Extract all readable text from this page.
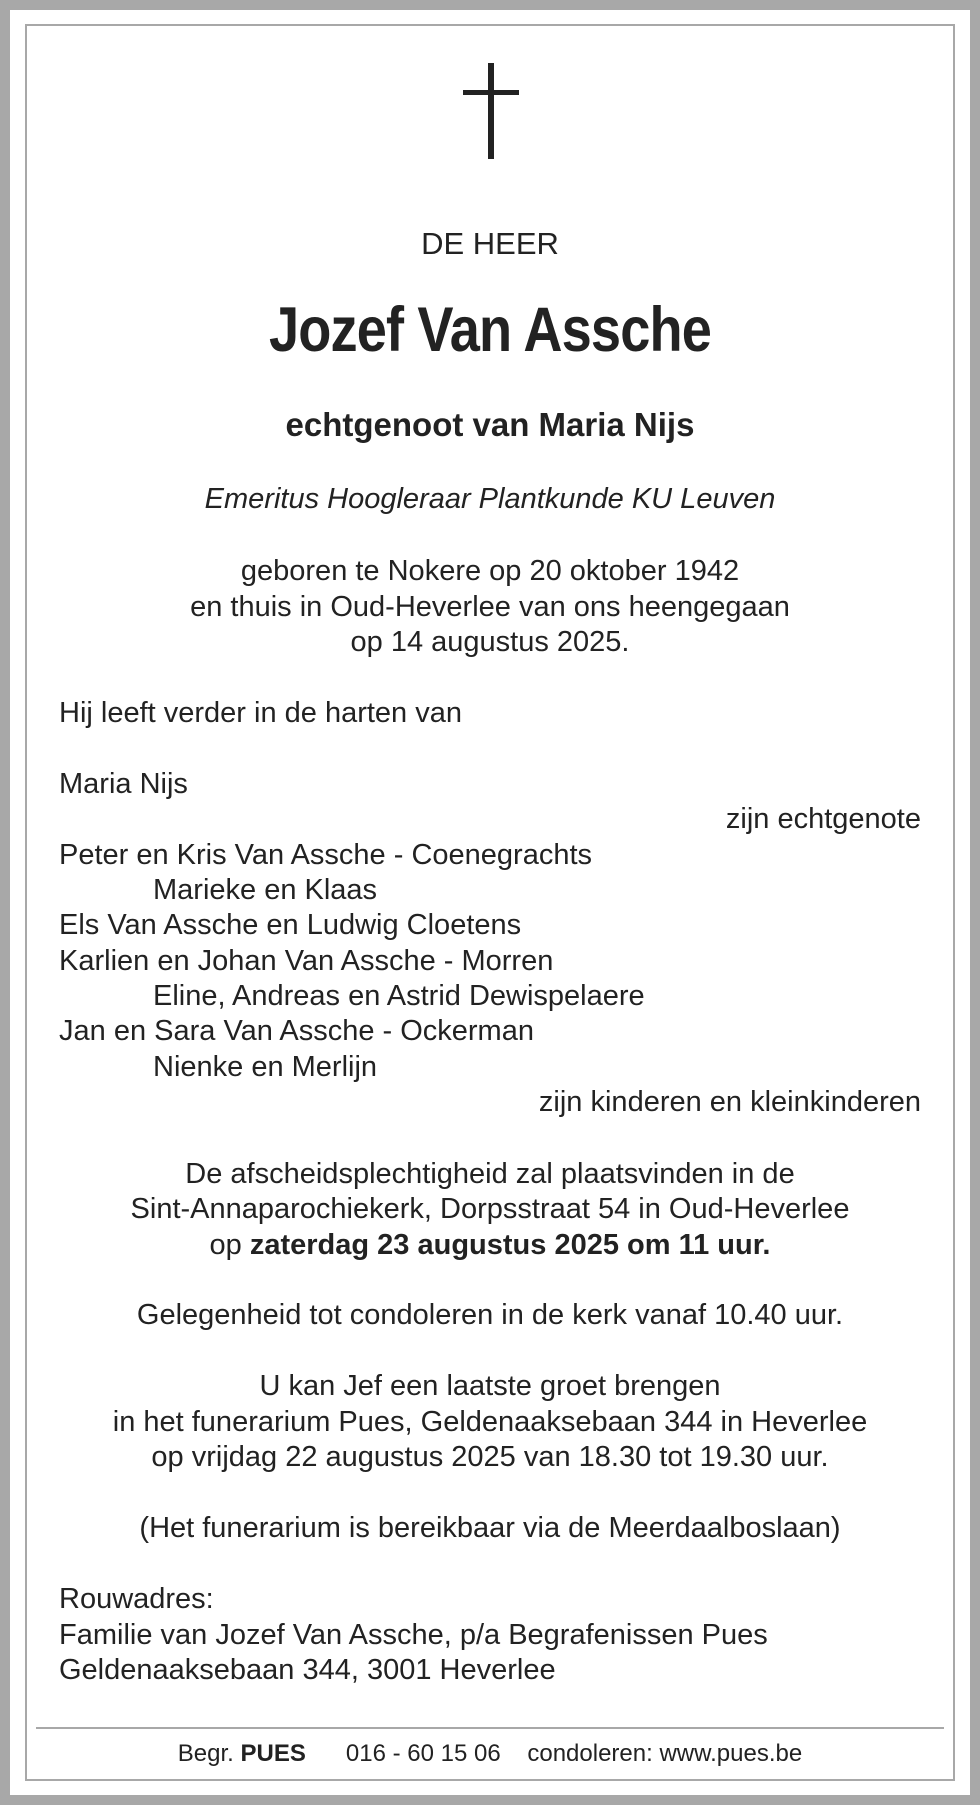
DE HEER

Jozef Van Assche

echtgenoot van Maria Nijs

Emeritus Hoogleraar Plantkunde KU Leuven

geboren te Nokere op 20 oktober 1942

en thuis in Oud-Heverlee van ons heengegaan

op 14 augustus 2025.

Hij leeft verder in de harten van

Maria Nijs

zijn echtgenote

Peter en Kris Van Assche - Coenegrachts

Marieke en Klaas

Els Van Assche en Ludwig Cloetens

Karlien en Johan Van Assche - Morren

Eline, Andreas en Astrid Dewispelaere

Jan en Sara Van Assche - Ockerman

Nienke en Merlijn

zijn kinderen en kleinkinderen

De afscheidsplechtigheid zal plaatsvinden in de

Sint-Annaparochiekerk, Dorpsstraat 54 in Oud-Heverlee

op zaterdag 23 augustus 2025 om 11 uur.

Gelegenheid tot condoleren in de kerk vanaf 10.40 uur.

U kan Jef een laatste groet brengen

in het funerarium Pues, Geldenaaksebaan 344 in Heverlee

op vrijdag 22 augustus 2025 van 18.30 tot 19.30 uur.

(Het funerarium is bereikbaar via de Meerdaalboslaan)

Rouwadres:

Familie van Jozef Van Assche, p/a Begrafenissen Pues

Geldenaaksebaan 344, 3001 Heverlee

Begr. PUES 016 - 60 15 06 condoleren: www.pues.be
